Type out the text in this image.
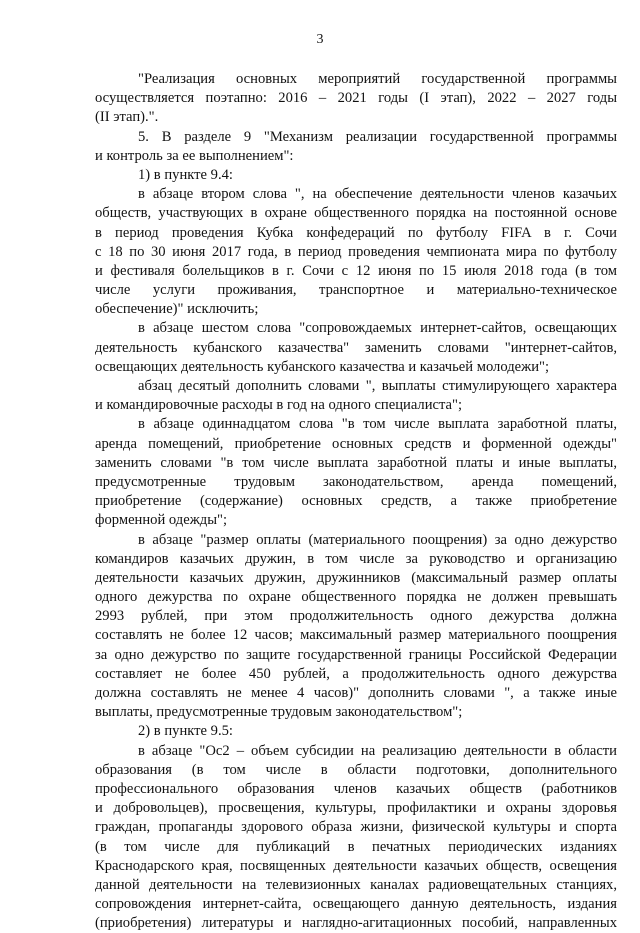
3
"Реализация основных мероприятий государственной программы
осуществляется поэтапно: 2016 – 2021 годы (I этап), 2022 – 2027 годы
(II этап).".
5. В разделе 9 "Механизм реализации государственной программы
и контроль за ее выполнением":
1) в пункте 9.4:
в абзаце втором слова ", на обеспечение деятельности членов казачьих
обществ, участвующих в охране общественного порядка на постоянной основе
в период проведения Кубка конфедераций по футболу FIFA в г. Сочи
с 18 по 30 июня 2017 года, в период проведения чемпионата мира по футболу
и фестиваля болельщиков в г. Сочи с 12 июня по 15 июля 2018 года (в том
числе услуги проживания, транспортное и материально-техническое
обеспечение)" исключить;
в абзаце шестом слова "сопровождаемых интернет-сайтов, освещающих
деятельность кубанского казачества" заменить словами "интернет-сайтов,
освещающих деятельность кубанского казачества и казачьей молодежи";
абзац десятый дополнить словами ", выплаты стимулирующего характера
и командировочные расходы в год на одного специалиста";
в абзаце одиннадцатом слова "в том числе выплата заработной платы,
аренда помещений, приобретение основных средств и форменной одежды"
заменить словами "в том числе выплата заработной платы и иные выплаты,
предусмотренные трудовым законодательством, аренда помещений,
приобретение (содержание) основных средств, а также приобретение
форменной одежды";
в абзаце "размер оплаты (материального поощрения) за одно дежурство
командиров казачьих дружин, в том числе за руководство и организацию
деятельности казачьих дружин, дружинников (максимальный размер оплаты
одного дежурства по охране общественного порядка не должен превышать
2993 рублей, при этом продолжительность одного дежурства должна
составлять не более 12 часов; максимальный размер материального поощрения
за одно дежурство по защите государственной границы Российской Федерации
составляет не более 450 рублей, а продолжительность одного дежурства
должна составлять не менее 4 часов)" дополнить словами ", а также иные
выплаты, предусмотренные трудовым законодательством";
2) в пункте 9.5:
в абзаце "Oc2 – объем субсидии на реализацию деятельности в области
образования (в том числе в области подготовки, дополнительного
профессионального образования членов казачьих обществ (работников
и добровольцев), просвещения, культуры, профилактики и охраны здоровья
граждан, пропаганды здорового образа жизни, физической культуры и спорта
(в том числе для публикаций в печатных периодических изданиях
Краснодарского края, посвященных деятельности казачьих обществ, освещения
данной деятельности на телевизионных каналах радиовещательных станциях,
сопровождения интернет-сайта, освещающего данную деятельность, издания
(приобретения) литературы и наглядно-агитационных пособий, направленных
